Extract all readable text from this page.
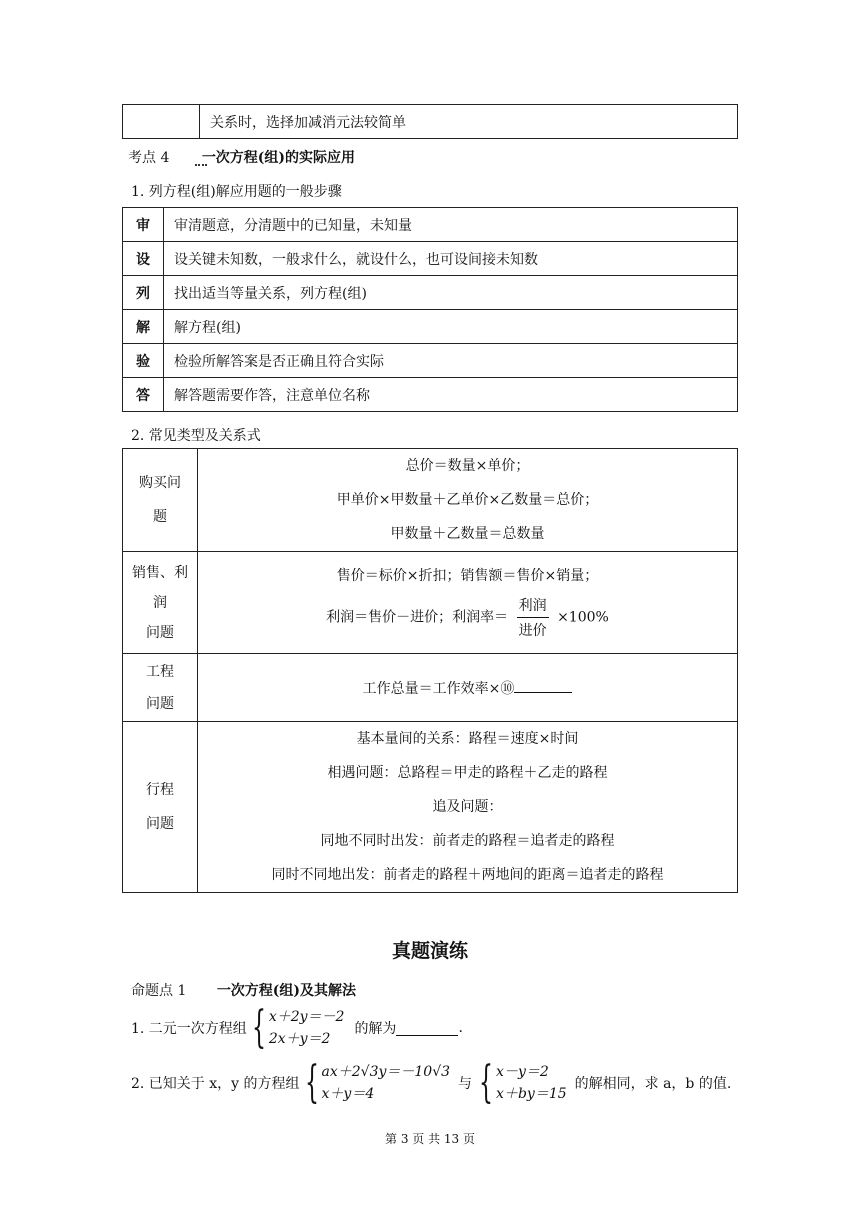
	关系时，选择加减消元法较简单
考点 4 一次方程(组)的实际应用
1. 列方程(组)解应用题的一般步骤
审	审清题意，分清题中的已知量，未知量
设	设关键未知数，一般求什么，就设什么，也可设间接未知数
列	找出适当等量关系，列方程(组)
解	解方程(组)
验	检验所解答案是否正确且符合实际
答	解答题需要作答，注意单位名称
2. 常见类型及关系式
购买问
题	总价＝数量×单价；
甲单价×甲数量＋乙单价×乙数量＝总价；
甲数量＋乙数量＝总数量

销售、利
润
问题	售价＝标价×折扣；销售额＝售价×销量；
利润＝售价－进价；利润率＝ $\frac{\text{利润}}{\text{进价}} \times 100\%$

工程
问题	工作总量＝工作效率×⑩

行程
问题	基本量间的关系：路程＝速度×时间
相遇问题：总路程＝甲走的路程＋乙走的路程
追及问题：
同地不同时出发：前者走的路程＝追者走的路程
同时不同地出发：前者走的路程＋两地间的距离＝追者走的路程
真题演练
命题点 1 一次方程(组)及其解法
1. 二元一次方程组 { x＋2y＝－2
2x＋y＝2
的解为	.
2. 已知关于 x，y 的方程组 { ax＋2√3y＝－10√3
x＋y＝4
与 { x－y＝2
x＋by＝15
的解相同，求 a，b 的值.
第 3 页 共 13 页
